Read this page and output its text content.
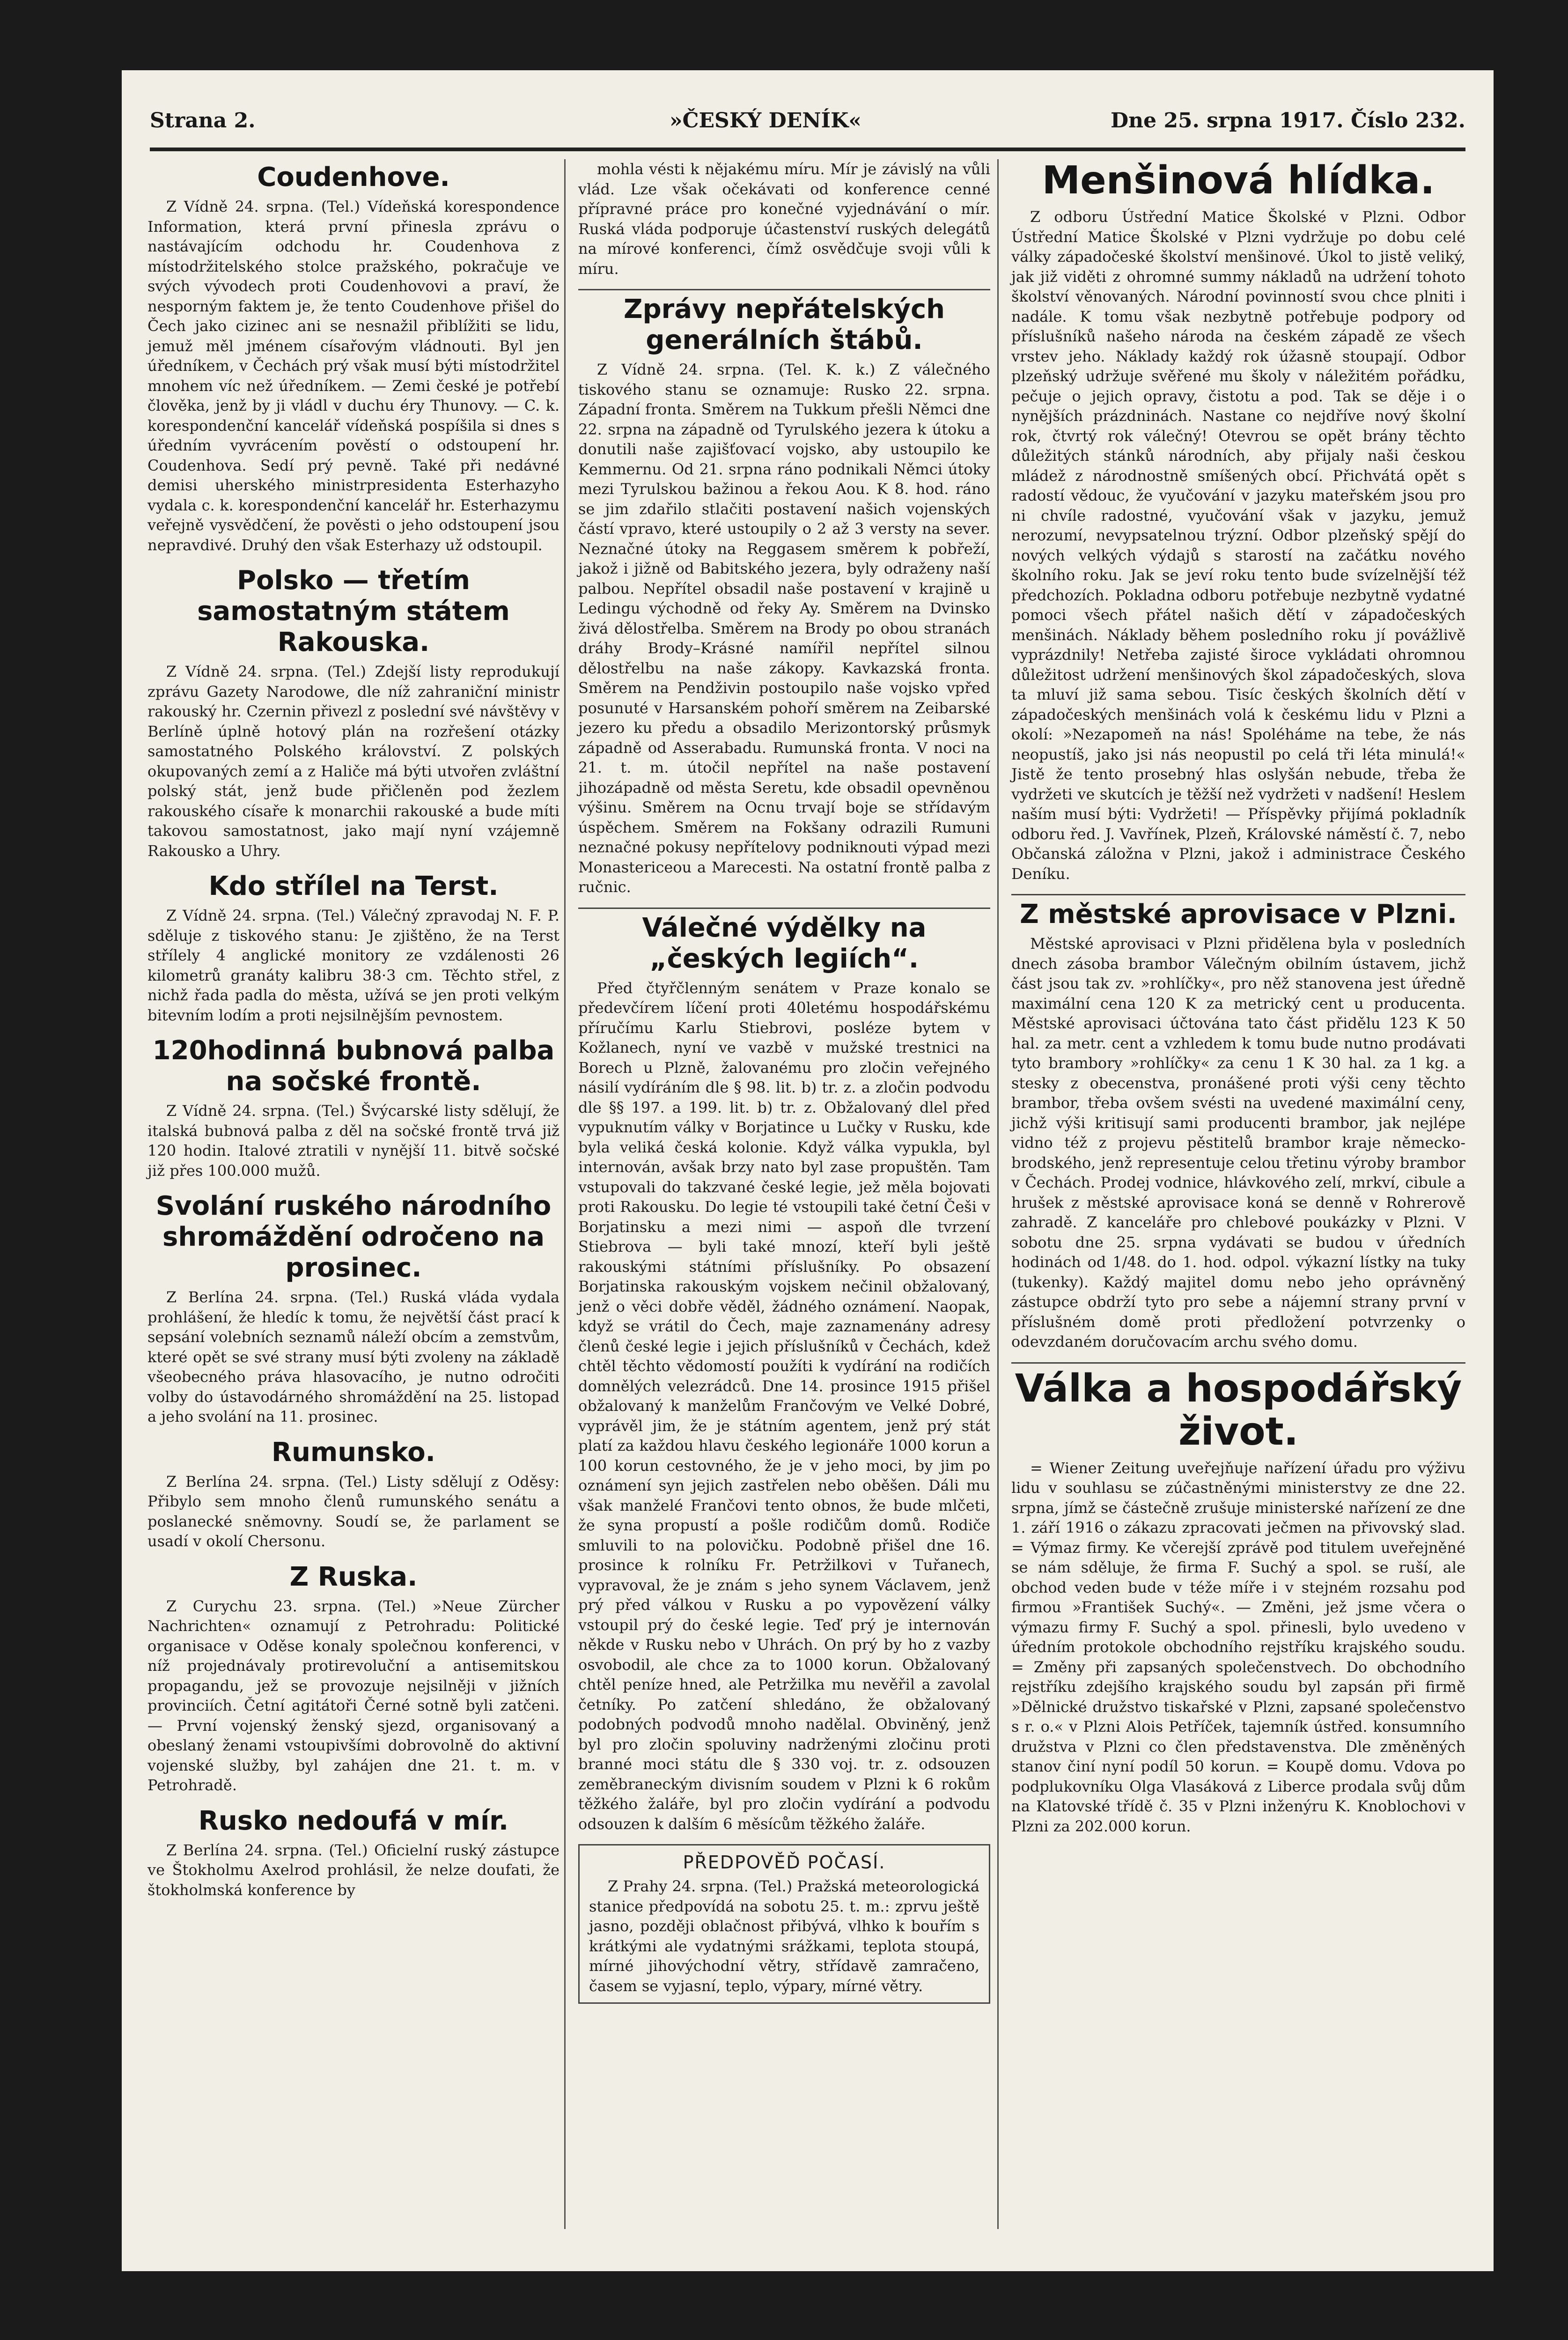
Strana 2.	»ČESKÝ DENÍK«	Dne 25. srpna 1917. Číslo 232.
Coudenhove.

Z Vídně 24. srpna. (Tel.) Vídeňská korespondence Information, která první přinesla zprávu o nastávajícím odchodu hr. Coudenhova z místodržitelského stolce pražského, pokračuje ve svých vývodech proti Coudenhovovi a praví, že nesporným faktem je, že tento Coudenhove přišel do Čech jako cizinec ani se nesnažil přiblížiti se lidu, jemuž měl jménem císařovým vládnouti. Byl jen úředníkem, v Čechách prý však musí býti místodržitel mnohem víc než úředníkem. — Zemi české je potřebí člověka, jenž by ji vládl v duchu éry Thunovy. — C. k. korespondenční kancelář vídeňská pospíšila si dnes s úředním vyvrácením pověstí o odstoupení hr. Coudenhova. Sedí prý pevně. Také při nedávné demisi uherského ministrpresidenta Esterhazyho vydala c. k. korespondenční kancelář hr. Esterhazymu veřejně vysvědčení, že pověsti o jeho odstoupení jsou nepravdivé. Druhý den však Esterhazy už odstoupil.

Polsko — třetím samostatným státem Rakouska.

Z Vídně 24. srpna. (Tel.) Zdejší listy reprodukují zprávu Gazety Narodowe, dle níž zahraniční ministr rakouský hr. Czernin přivezl z poslední své návštěvy v Berlíně úplně hotový plán na rozřešení otázky samostatného Polského království. Z polských okupovaných zemí a z Haliče má býti utvořen zvláštní polský stát, jenž bude přičleněn pod žezlem rakouského císaře k monarchii rakouské a bude míti takovou samostatnost, jako mají nyní vzájemně Rakousko a Uhry.

Kdo střílel na Terst.

Z Vídně 24. srpna. (Tel.) Válečný zpravodaj N. F. P. sděluje z tiskového stanu: Je zjištěno, že na Terst střílely 4 anglické monitory ze vzdálenosti 26 kilometrů granáty kalibru 38·3 cm. Těchto střel, z nichž řada padla do města, užívá se jen proti velkým bitevním lodím a proti nejsilnějším pevnostem.

120hodinná bubnová palba na sočské frontě.

Z Vídně 24. srpna. (Tel.) Švýcarské listy sdělují, že italská bubnová palba z děl na sočské frontě trvá již 120 hodin. Italové ztratili v nynější 11. bitvě sočské již přes 100.000 mužů.

Svolání ruského národního shromáždění odročeno na prosinec.

Z Berlína 24. srpna. (Tel.) Ruská vláda vydala prohlášení, že hledíc k tomu, že největší část prací k sepsání volebních seznamů náleží obcím a zemstvům, které opět se své strany musí býti zvoleny na základě všeobecného práva hlasovacího, je nutno odročiti volby do ústavodárného shromáždění na 25. listopad a jeho svolání na 11. prosinec.

Rumunsko.

Z Berlína 24. srpna. (Tel.) Listy sdělují z Oděsy: Přibylo sem mnoho členů rumunského senátu a poslanecké sněmovny. Soudí se, že parlament se usadí v okolí Chersonu.

Z Ruska.

Z Curychu 23. srpna. (Tel.) »Neue Zürcher Nachrichten« oznamují z Petrohradu: Politické organisace v Oděse konaly společnou konferenci, v níž projednávaly protirevoluční a antisemitskou propagandu, jež se provozuje nejsilněji v jižních provinciích. Četní agitátoři Černé sotně byli zatčeni. — První vojenský ženský sjezd, organisovaný a obeslaný ženami vstoupivšími dobrovolně do aktivní vojenské služby, byl zahájen dne 21. t. m. v Petrohradě.

Rusko nedoufá v mír.

Z Berlína 24. srpna. (Tel.) Oficielní ruský zástupce ve Štokholmu Axelrod prohlásil, že nelze doufati, že štokholmská konference by

mohla vésti k nějakému míru. Mír je závislý na vůli vlád. Lze však očekávati od konference cenné přípravné práce pro konečné vyjednávání o mír. Ruská vláda podporuje účastenství ruských delegátů na mírové konferenci, čímž osvědčuje svoji vůli k míru.

Zprávy nepřátelských generálních štábů.

Z Vídně 24. srpna. (Tel. K. k.) Z válečného tiskového stanu se oznamuje: Rusko 22. srpna. Západní fronta. Směrem na Tukkum přešli Němci dne 22. srpna na západně od Tyrulského jezera k útoku a donutili naše zajišťovací vojsko, aby ustoupilo ke Kemmernu. Od 21. srpna ráno podnikali Němci útoky mezi Tyrulskou bažinou a řekou Aou. K 8. hod. ráno se jim zdařilo stlačiti postavení našich vojenských částí vpravo, které ustoupily o 2 až 3 versty na sever. Neznačné útoky na Reggasem směrem k pobřeží, jakož i jižně od Babitského jezera, byly odraženy naší palbou. Nepřítel obsadil naše postavení v krajině u Ledingu východně od řeky Ay. Směrem na Dvinsko živá dělostřelba. Směrem na Brody po obou stranách dráhy Brody–Krásné namířil nepřítel silnou dělostřelbu na naše zákopy. Kavkazská fronta. Směrem na Pendživin postoupilo naše vojsko vpřed posunuté v Harsanském pohoří směrem na Zeibarské jezero ku předu a obsadilo Merizontorský průsmyk západně od Asserabadu. Rumunská fronta. V noci na 21. t. m. útočil nepřítel na naše postavení jihozápadně od města Seretu, kde obsadil opevněnou výšinu. Směrem na Ocnu trvají boje se střídavým úspěchem. Směrem na Fokšany odrazili Rumuni neznačné pokusy nepřítelovy podniknouti výpad mezi Monastericeou a Marecesti. Na ostatní frontě palba z ručnic.

Válečné výdělky na „českých legiích“.

Před čtyřčlenným senátem v Praze konalo se předevčírem líčení proti 40letému hospodářskému příručímu Karlu Stiebrovi, posléze bytem v Kožlanech, nyní ve vazbě v mužské trestnici na Borech u Plzně, žalovanému pro zločin veřejného násilí vydíráním dle § 98. lit. b) tr. z. a zločin podvodu dle §§ 197. a 199. lit. b) tr. z. Obžalovaný dlel před vypuknutím války v Borjatince u Lučky v Rusku, kde byla veliká česká kolonie. Když válka vypukla, byl internován, avšak brzy nato byl zase propuštěn. Tam vstupovali do takzvané české legie, jež měla bojovati proti Rakousku. Do legie té vstoupili také četní Češi v Borjatinsku a mezi nimi — aspoň dle tvrzení Stiebrova — byli také mnozí, kteří byli ještě rakouskými státními příslušníky. Po obsazení Borjatinska rakouským vojskem nečinil obžalovaný, jenž o věci dobře věděl, žádného oznámení. Naopak, když se vrátil do Čech, maje zaznamenány adresy členů české legie i jejich příslušníků v Čechách, kdež chtěl těchto vědomostí použíti k vydírání na rodičích domnělých velezrádců. Dne 14. prosince 1915 přišel obžalovaný k manželům Frančovým ve Velké Dobré, vyprávěl jim, že je státním agentem, jenž prý stát platí za každou hlavu českého legionáře 1000 korun a 100 korun cestovného, že je v jeho moci, by jim po oznámení syn jejich zastřelen nebo oběšen. Dáli mu však manželé Frančovi tento obnos, že bude mlčeti, že syna propustí a pošle rodičům domů. Rodiče smluvili to na polovičku. Podobně přišel dne 16. prosince k rolníku Fr. Petržilkovi v Tuřanech, vypravoval, že je znám s jeho synem Václavem, jenž prý před válkou v Rusku a po vypovězení války vstoupil prý do české legie. Teď prý je internován někde v Rusku nebo v Uhrách. On prý by ho z vazby osvobodil, ale chce za to 1000 korun. Obžalovaný chtěl peníze hned, ale Petržilka mu nevěřil a zavolal četníky. Po zatčení shledáno, že obžalovaný podobných podvodů mnoho nadělal. Obviněný, jenž byl pro zločin spoluviny nadrženými zločinu proti branné moci státu dle § 330 voj. tr. z. odsouzen zeměbraneckým divisním soudem v Plzni k 6 rokům těžkého žaláře, byl pro zločin vydírání a podvodu odsouzen k dalším 6 měsícům těžkého žaláře.

PŘEDPOVĚĎ POČASÍ.

Z Prahy 24. srpna. (Tel.) Pražská meteorologická stanice předpovídá na sobotu 25. t. m.: zprvu ještě jasno, později oblačnost přibývá, vlhko k bouřím s krátkými ale vydatnými srážkami, teplota stoupá, mírné jihovýchodní větry, střídavě zamračeno, časem se vyjasní, teplo, výpary, mírné větry.

Menšinová hlídka.

Z odboru Ústřední Matice Školské v Plzni. Odbor Ústřední Matice Školské v Plzni vydržuje po dobu celé války západočeské školství menšinové. Úkol to jistě veliký, jak již viděti z ohromné summy nákladů na udržení tohoto školství věnovaných. Národní povinností svou chce plniti i nadále. K tomu však nezbytně potřebuje podpory od příslušníků našeho národa na českém západě ze všech vrstev jeho. Náklady každý rok úžasně stoupají. Odbor plzeňský udržuje svěřené mu školy v náležitém pořádku, pečuje o jejich opravy, čistotu a pod. Tak se děje i o nynějších prázdninách. Nastane co nejdříve nový školní rok, čtvrtý rok válečný! Otevrou se opět brány těchto důležitých stánků národních, aby přijaly naši českou mládež z národnostně smíšených obcí. Přichvátá opět s radostí vědouc, že vyučování v jazyku mateřském jsou pro ni chvíle radostné, vyučování však v jazyku, jemuž nerozumí, nevypsatelnou trýzní. Odbor plzeňský spějí do nových velkých výdajů s starostí na začátku nového školního roku. Jak se jeví roku tento bude svízelnější též předchozích. Pokladna odboru potřebuje nezbytně vydatné pomoci všech přátel našich dětí v západočeských menšinách. Náklady během posledního roku jí povážlivě vyprázdnily! Netřeba zajisté široce vykládati ohromnou důležitost udržení menšinových škol západočeských, slova ta mluví již sama sebou. Tisíc českých školních dětí v západočeských menšinách volá k českému lidu v Plzni a okolí: »Nezapomeň na nás! Spoléháme na tebe, že nás neopustíš, jako jsi nás neopustil po celá tři léta minulá!« Jistě že tento prosebný hlas oslyšán nebude, třeba že vydržeti ve skutcích je těžší než vydržeti v nadšení! Heslem naším musí býti: Vydržeti! — Příspěvky přijímá pokladník odboru řed. J. Vavřínek, Plzeň, Královské náměstí č. 7, nebo Občanská záložna v Plzni, jakož i administrace Českého Deníku.

Z městské aprovisace v Plzni.

Městské aprovisaci v Plzni přidělena byla v posledních dnech zásoba brambor Válečným obilním ústavem, jichž část jsou tak zv. »rohlíčky«, pro něž stanovena jest úředně maximální cena 120 K za metrický cent u producenta. Městské aprovisaci účtována tato část přidělu 123 K 50 hal. za metr. cent a vzhledem k tomu bude nutno prodávati tyto brambory »rohlíčky« za cenu 1 K 30 hal. za 1 kg. a stesky z obecenstva, pronášené proti výši ceny těchto brambor, třeba ovšem svésti na uvedené maximální ceny, jichž výši kritisují sami producenti brambor, jak nejlépe vidno též z projevu pěstitelů brambor kraje německo-brodského, jenž representuje celou třetinu výroby brambor v Čechách. Prodej vodnice, hlávkového zelí, mrkví, cibule a hrušek z městské aprovisace koná se denně v Rohrerově zahradě. Z kanceláře pro chlebové poukázky v Plzni. V sobotu dne 25. srpna vydávati se budou v úředních hodinách od 1/48. do 1. hod. odpol. výkazní lístky na tuky (tukenky). Každý majitel domu nebo jeho oprávněný zástupce obdrží tyto pro sebe a nájemní strany první v příslušném domě proti předložení potvrzenky o odevzdaném doručovacím archu svého domu.

Válka a hospodářský život.

= Wiener Zeitung uveřejňuje nařízení úřadu pro výživu lidu v souhlasu se zúčastněnými ministerstvy ze dne 22. srpna, jímž se částečně zrušuje ministerské nařízení ze dne 1. září 1916 o zákazu zpracovati ječmen na přivovský slad. = Výmaz firmy. Ke včerejší zprávě pod titulem uveřejněné se nám sděluje, že firma F. Suchý a spol. se ruší, ale obchod veden bude v téže míře i v stejném rozsahu pod firmou »František Suchý«. — Změni, jež jsme včera o výmazu firmy F. Suchý a spol. přinesli, bylo uvedeno v úředním protokole obchodního rejstříku krajského soudu. = Změny při zapsaných společenstvech. Do obchodního rejstříku zdejšího krajského soudu byl zapsán při firmě »Dělnické družstvo tiskařské v Plzni, zapsané společenstvo s r. o.« v Plzni Alois Petříček, tajemník ústřed. konsumního družstva v Plzni co člen představenstva. Dle změněných stanov činí nyní podíl 50 korun. = Koupě domu. Vdova po podplukovníku Olga Vlasáková z Liberce prodala svůj dům na Klatovské třídě č. 35 v Plzni inženýru K. Knoblochovi v Plzni za 202.000 korun.
